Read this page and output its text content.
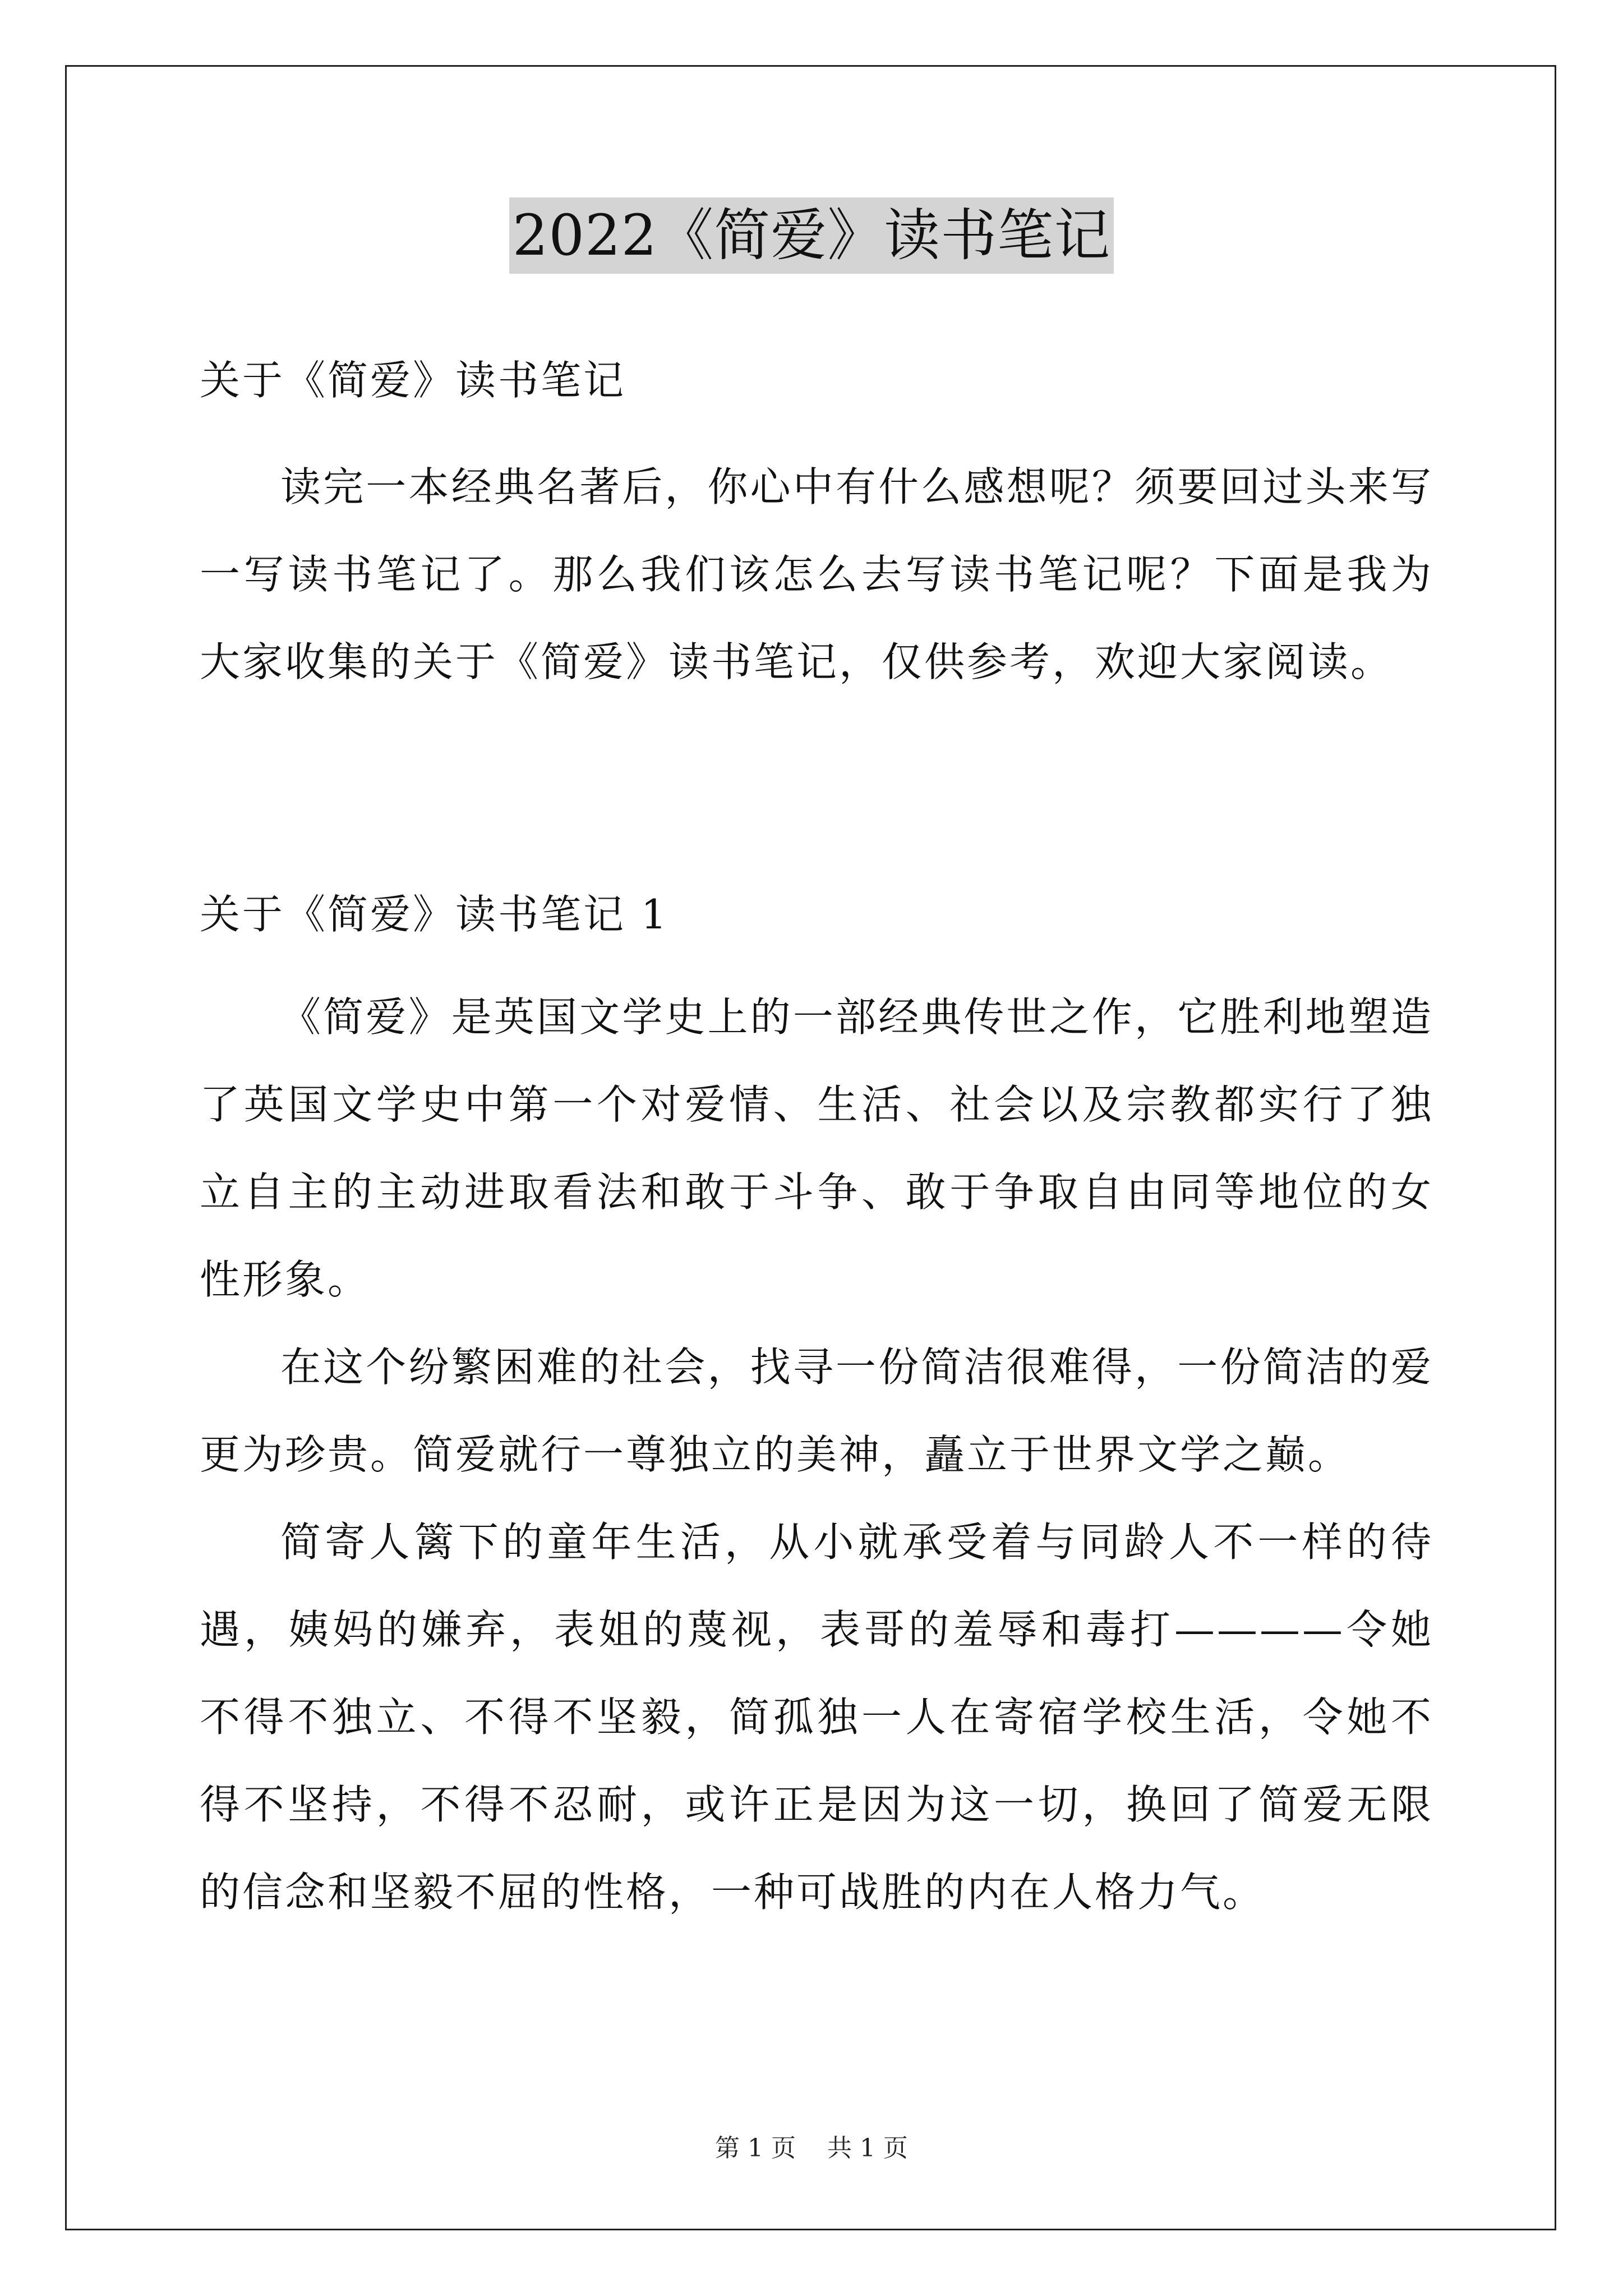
2022《简爱》读书笔记
关于《简爱》读书笔记

读完一本经典名著后，你心中有什么感想呢？须要回过头来写一写读书笔记了。那么我们该怎么去写读书笔记呢？下面是我为大家收集的关于《简爱》读书笔记，仅供参考，欢迎大家阅读。

关于《简爱》读书笔记 1

《简爱》是英国文学史上的一部经典传世之作，它胜利地塑造了英国文学史中第一个对爱情、生活、社会以及宗教都实行了独立自主的主动进取看法和敢于斗争、敢于争取自由同等地位的女性形象。

在这个纷繁困难的社会，找寻一份简洁很难得，一份简洁的爱更为珍贵。简爱就行一尊独立的美神，矗立于世界文学之巅。

简寄人篱下的童年生活，从小就承受着与同龄人不一样的待遇，姨妈的嫌弃，表姐的蔑视，表哥的羞辱和毒打————令她不得不独立、不得不坚毅，简孤独一人在寄宿学校生活，令她不得不坚持，不得不忍耐，或许正是因为这一切，换回了简爱无限的信念和坚毅不屈的性格，一种可战胜的内在人格力气。

第 1 页    共 1 页
